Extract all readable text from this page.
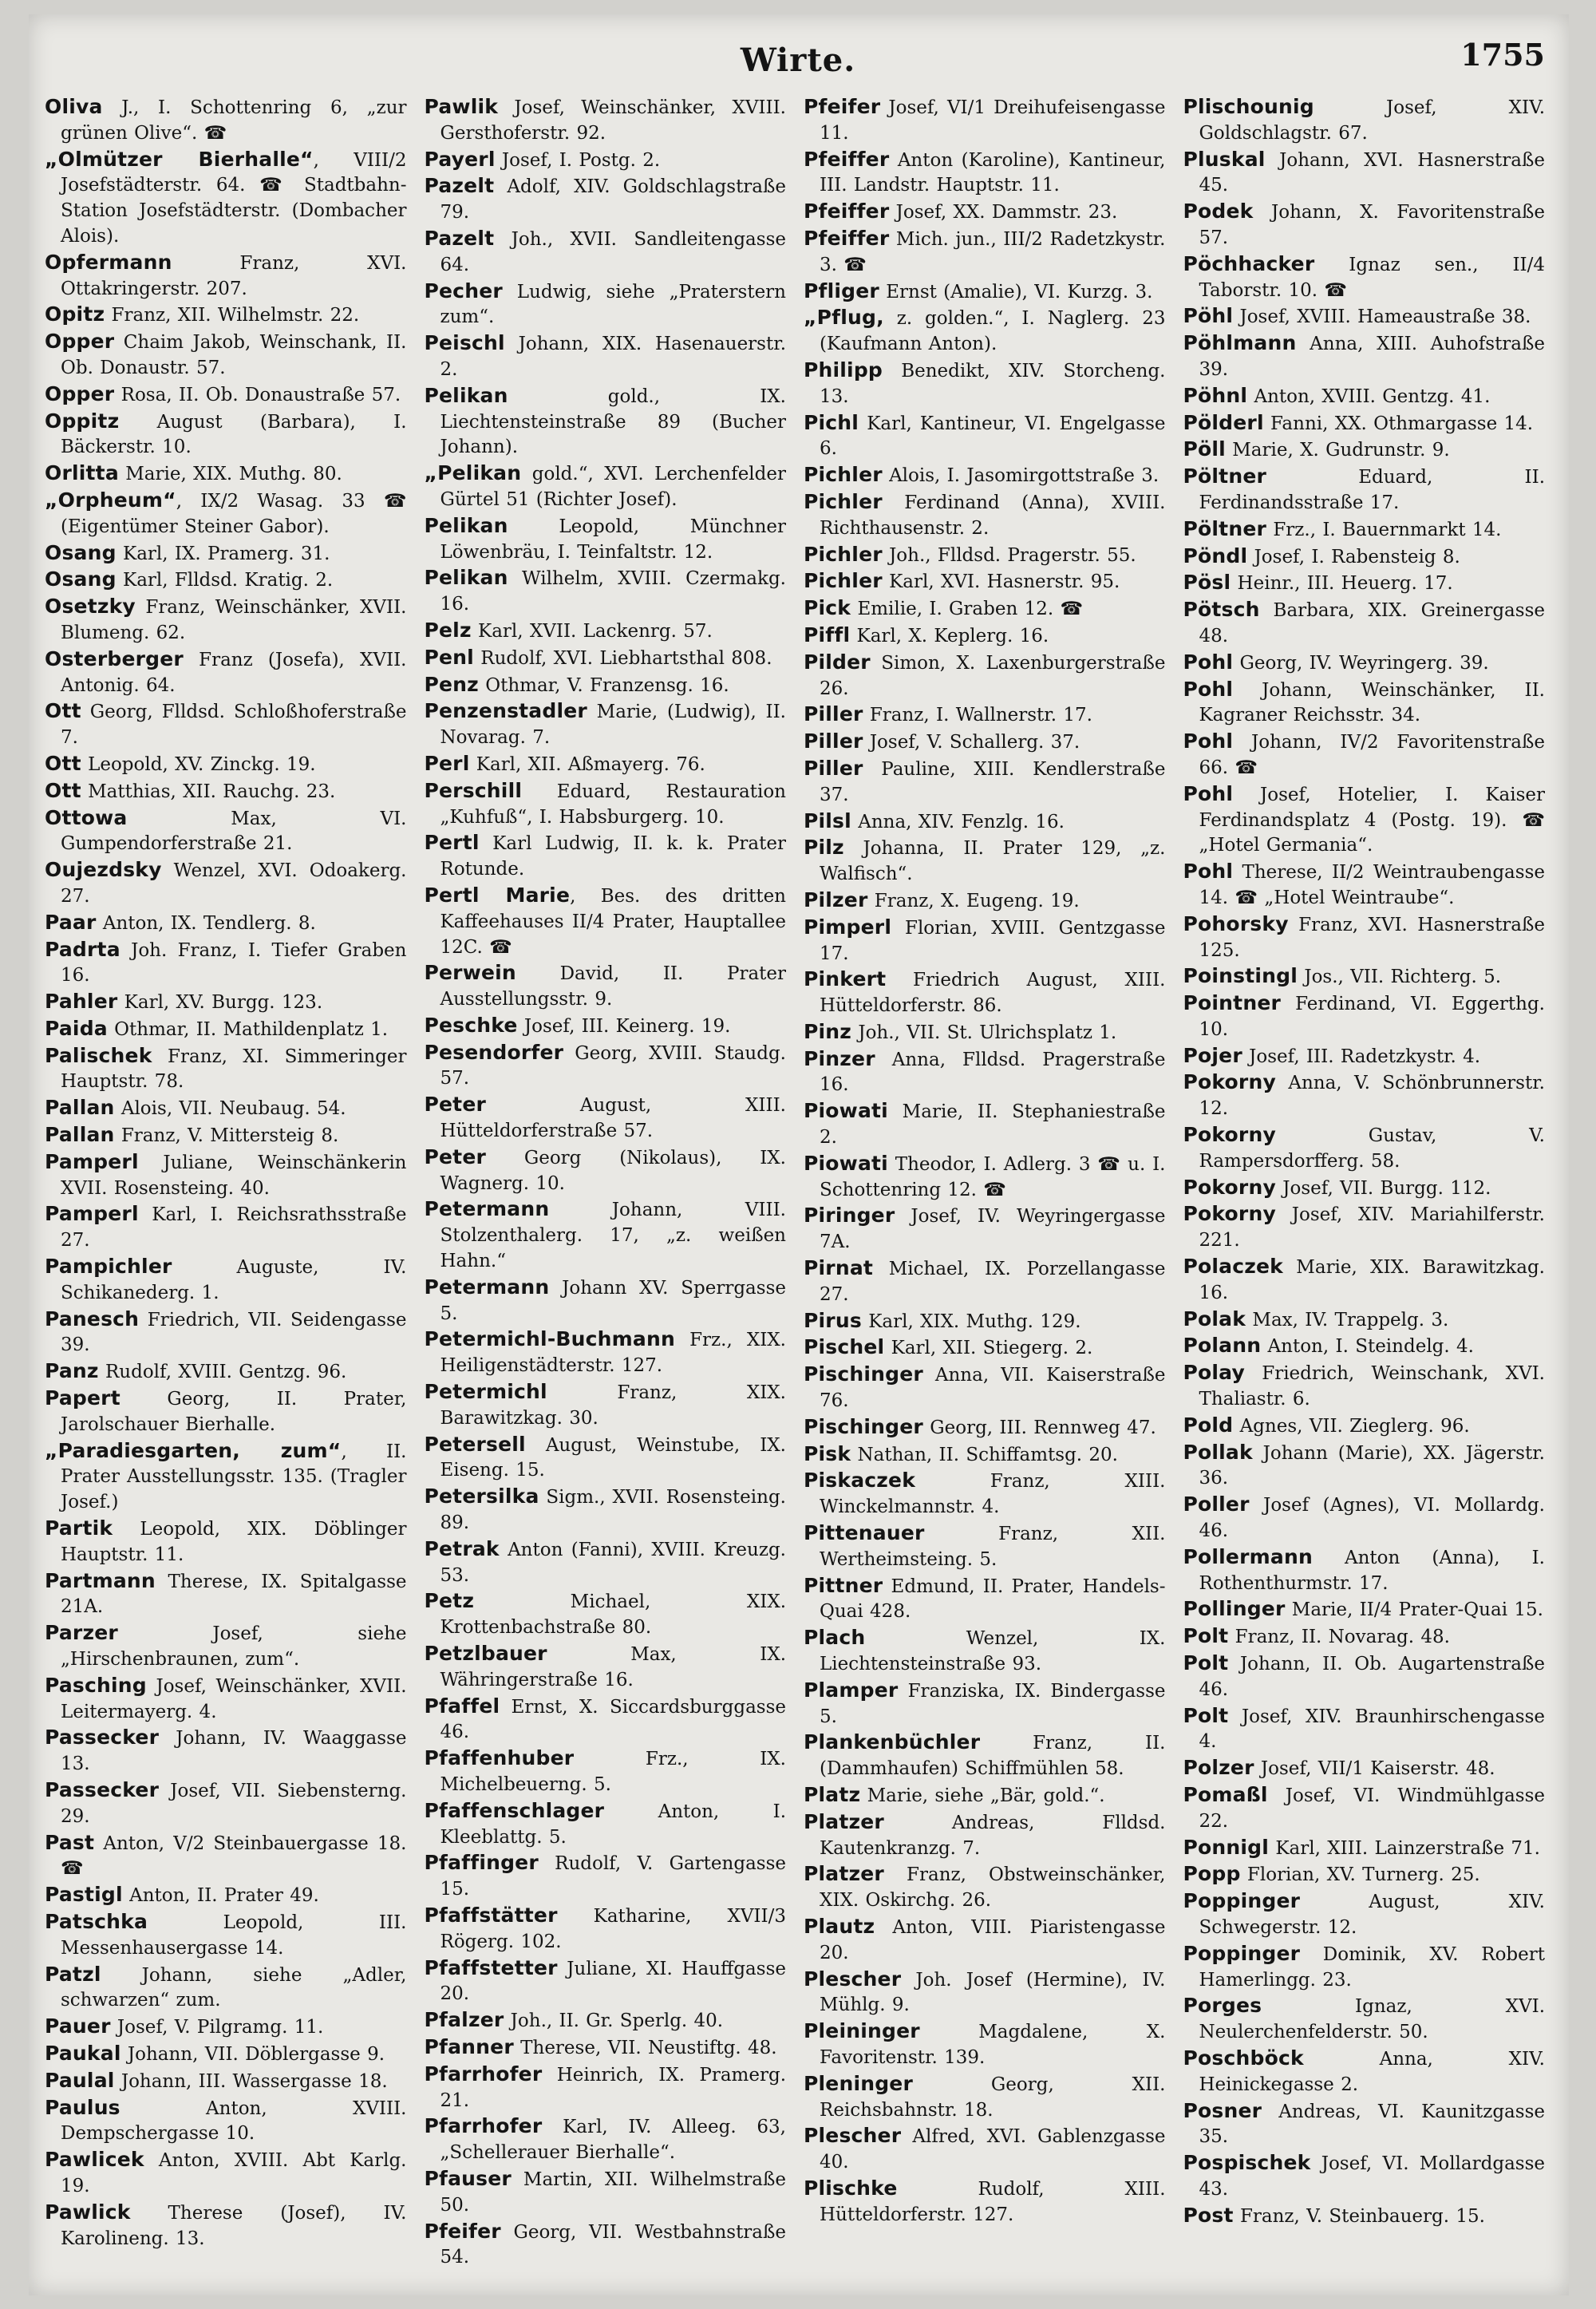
Wirte.	1755
Oliva J., I. Schottenring 6, „zur grünen Olive“. ☎
„Olmützer Bierhalle“, VIII/2 Josefstädterstr. 64. ☎ Stadtbahn-Station Josefstädterstr. (Dombacher Alois).
Opfermann Franz, XVI. Ottakringerstr. 207.
Opitz Franz, XII. Wilhelmstr. 22.
Opper Chaim Jakob, Weinschank, II. Ob. Donaustr. 57.
Opper Rosa, II. Ob. Donaustraße 57.
Oppitz August (Barbara), I. Bäckerstr. 10.
Orlitta Marie, XIX. Muthg. 80.
„Orpheum“, IX/2 Wasag. 33 ☎ (Eigentümer Steiner Gabor).
Osang Karl, IX. Pramerg. 31.
Osang Karl, Flldsd. Kratig. 2.
Osetzky Franz, Weinschänker, XVII. Blumeng. 62.
Osterberger Franz (Josefa), XVII. Antonig. 64.
Ott Georg, Flldsd. Schloßhoferstraße 7.
Ott Leopold, XV. Zinckg. 19.
Ott Matthias, XII. Rauchg. 23.
Ottowa Max, VI. Gumpendorferstraße 21.
Oujezdsky Wenzel, XVI. Odoakerg. 27.
Paar Anton, IX. Tendlerg. 8.
Padrta Joh. Franz, I. Tiefer Graben 16.
Pahler Karl, XV. Burgg. 123.
Paida Othmar, II. Mathildenplatz 1.
Palischek Franz, XI. Simmeringer Hauptstr. 78.
Pallan Alois, VII. Neubaug. 54.
Pallan Franz, V. Mittersteig 8.
Pamperl Juliane, Weinschänkerin XVII. Rosensteing. 40.
Pamperl Karl, I. Reichsrathsstraße 27.
Pampichler Auguste, IV. Schikanederg. 1.
Panesch Friedrich, VII. Seidengasse 39.
Panz Rudolf, XVIII. Gentzg. 96.
Papert Georg, II. Prater, Jarolschauer Bierhalle.
„Paradiesgarten, zum“, II. Prater Ausstellungsstr. 135. (Tragler Josef.)
Partik Leopold, XIX. Döblinger Hauptstr. 11.
Partmann Therese, IX. Spitalgasse 21A.
Parzer Josef, siehe „Hirschenbraunen, zum“.
Pasching Josef, Weinschänker, XVII. Leitermayerg. 4.
Passecker Johann, IV. Waaggasse 13.
Passecker Josef, VII. Siebensterng. 29.
Past Anton, V/2 Steinbauergasse 18. ☎
Pastigl Anton, II. Prater 49.
Patschka Leopold, III. Messenhausergasse 14.
Patzl Johann, siehe „Adler, schwarzen“ zum.
Pauer Josef, V. Pilgramg. 11.
Paukal Johann, VII. Döblergasse 9.
Paulal Johann, III. Wassergasse 18.
Paulus Anton, XVIII. Dempschergasse 10.
Pawlicek Anton, XVIII. Abt Karlg. 19.
Pawlick Therese (Josef), IV. Karolineng. 13.
Pawlik Josef, Weinschänker, XVIII. Gersthoferstr. 92.
Payerl Josef, I. Postg. 2.
Pazelt Adolf, XIV. Goldschlagstraße 79.
Pazelt Joh., XVII. Sandleitengasse 64.
Pecher Ludwig, siehe „Praterstern zum“.
Peischl Johann, XIX. Hasenauerstr. 2.
Pelikan gold., IX. Liechtensteinstraße 89 (Bucher Johann).
„Pelikan gold.“, XVI. Lerchenfelder Gürtel 51 (Richter Josef).
Pelikan Leopold, Münchner Löwenbräu, I. Teinfaltstr. 12.
Pelikan Wilhelm, XVIII. Czermakg. 16.
Pelz Karl, XVII. Lackenrg. 57.
Penl Rudolf, XVI. Liebhartsthal 808.
Penz Othmar, V. Franzensg. 16.
Penzenstadler Marie, (Ludwig), II. Novarag. 7.
Perl Karl, XII. Aßmayerg. 76.
Perschill Eduard, Restauration „Kuhfuß“, I. Habsburgerg. 10.
Pertl Karl Ludwig, II. k. k. Prater Rotunde.
Pertl Marie, Bes. des dritten Kaffeehauses II/4 Prater, Hauptallee 12C. ☎
Perwein David, II. Prater Ausstellungsstr. 9.
Peschke Josef, III. Keinerg. 19.
Pesendorfer Georg, XVIII. Staudg. 57.
Peter August, XIII. Hütteldorferstraße 57.
Peter Georg (Nikolaus), IX. Wagnerg. 10.
Petermann Johann, VIII. Stolzenthalerg. 17, „z. weißen Hahn.“
Petermann Johann XV. Sperrgasse 5.
Petermichl-Buchmann Frz., XIX. Heiligenstädterstr. 127.
Petermichl Franz, XIX. Barawitzkag. 30.
Petersell August, Weinstube, IX. Eiseng. 15.
Petersilka Sigm., XVII. Rosensteing. 89.
Petrak Anton (Fanni), XVIII. Kreuzg. 53.
Petz Michael, XIX. Krottenbachstraße 80.
Petzlbauer Max, IX. Währingerstraße 16.
Pfaffel Ernst, X. Siccardsburggasse 46.
Pfaffenhuber Frz., IX. Michelbeuerng. 5.
Pfaffenschlager Anton, I. Kleeblattg. 5.
Pfaffinger Rudolf, V. Gartengasse 15.
Pfaffstätter Katharine, XVII/3 Rögerg. 102.
Pfaffstetter Juliane, XI. Hauffgasse 20.
Pfalzer Joh., II. Gr. Sperlg. 40.
Pfanner Therese, VII. Neustiftg. 48.
Pfarrhofer Heinrich, IX. Pramerg. 21.
Pfarrhofer Karl, IV. Alleeg. 63, „Schellerauer Bierhalle“.
Pfauser Martin, XII. Wilhelmstraße 50.
Pfeifer Georg, VII. Westbahnstraße 54.
Pfeifer Josef, VI/1 Dreihufeisengasse 11.
Pfeiffer Anton (Karoline), Kantineur, III. Landstr. Hauptstr. 11.
Pfeiffer Josef, XX. Dammstr. 23.
Pfeiffer Mich. jun., III/2 Radetzkystr. 3. ☎
Pfliger Ernst (Amalie), VI. Kurzg. 3.
„Pflug, z. golden.“, I. Naglerg. 23 (Kaufmann Anton).
Philipp Benedikt, XIV. Storcheng. 13.
Pichl Karl, Kantineur, VI. Engelgasse 6.
Pichler Alois, I. Jasomirgottstraße 3.
Pichler Ferdinand (Anna), XVIII. Richthausenstr. 2.
Pichler Joh., Flldsd. Pragerstr. 55.
Pichler Karl, XVI. Hasnerstr. 95.
Pick Emilie, I. Graben 12. ☎
Piffl Karl, X. Keplerg. 16.
Pilder Simon, X. Laxenburgerstraße 26.
Piller Franz, I. Wallnerstr. 17.
Piller Josef, V. Schallerg. 37.
Piller Pauline, XIII. Kendlerstraße 37.
Pilsl Anna, XIV. Fenzlg. 16.
Pilz Johanna, II. Prater 129, „z. Walfisch“.
Pilzer Franz, X. Eugeng. 19.
Pimperl Florian, XVIII. Gentzgasse 17.
Pinkert Friedrich August, XIII. Hütteldorferstr. 86.
Pinz Joh., VII. St. Ulrichsplatz 1.
Pinzer Anna, Flldsd. Pragerstraße 16.
Piowati Marie, II. Stephaniestraße 2.
Piowati Theodor, I. Adlerg. 3 ☎ u. I. Schottenring 12. ☎
Piringer Josef, IV. Weyringergasse 7A.
Pirnat Michael, IX. Porzellangasse 27.
Pirus Karl, XIX. Muthg. 129.
Pischel Karl, XII. Stiegerg. 2.
Pischinger Anna, VII. Kaiserstraße 76.
Pischinger Georg, III. Rennweg 47.
Pisk Nathan, II. Schiffamtsg. 20.
Piskaczek Franz, XIII. Winckelmannstr. 4.
Pittenauer Franz, XII. Wertheimsteing. 5.
Pittner Edmund, II. Prater, Handels-Quai 428.
Plach Wenzel, IX. Liechtensteinstraße 93.
Plamper Franziska, IX. Bindergasse 5.
Plankenbüchler Franz, II. (Dammhaufen) Schiffmühlen 58.
Platz Marie, siehe „Bär, gold.“.
Platzer Andreas, Flldsd. Kautenkranzg. 7.
Platzer Franz, Obstweinschänker, XIX. Oskirchg. 26.
Plautz Anton, VIII. Piaristengasse 20.
Plescher Joh. Josef (Hermine), IV. Mühlg. 9.
Pleininger Magdalene, X. Favoritenstr. 139.
Pleninger Georg, XII. Reichsbahnstr. 18.
Plescher Alfred, XVI. Gablenzgasse 40.
Plischke Rudolf, XIII. Hütteldorferstr. 127.
Plischounig Josef, XIV. Goldschlagstr. 67.
Pluskal Johann, XVI. Hasnerstraße 45.
Podek Johann, X. Favoritenstraße 57.
Pöchhacker Ignaz sen., II/4 Taborstr. 10. ☎
Pöhl Josef, XVIII. Hameaustraße 38.
Pöhlmann Anna, XIII. Auhofstraße 39.
Pöhnl Anton, XVIII. Gentzg. 41.
Pölderl Fanni, XX. Othmargasse 14.
Pöll Marie, X. Gudrunstr. 9.
Pöltner Eduard, II. Ferdinandsstraße 17.
Pöltner Frz., I. Bauernmarkt 14.
Pöndl Josef, I. Rabensteig 8.
Pösl Heinr., III. Heuerg. 17.
Pötsch Barbara, XIX. Greinergasse 48.
Pohl Georg, IV. Weyringerg. 39.
Pohl Johann, Weinschänker, II. Kagraner Reichsstr. 34.
Pohl Johann, IV/2 Favoritenstraße 66. ☎
Pohl Josef, Hotelier, I. Kaiser Ferdinandsplatz 4 (Postg. 19). ☎ „Hotel Germania“.
Pohl Therese, II/2 Weintraubengasse 14. ☎ „Hotel Weintraube“.
Pohorsky Franz, XVI. Hasnerstraße 125.
Poinstingl Jos., VII. Richterg. 5.
Pointner Ferdinand, VI. Eggerthg. 10.
Pojer Josef, III. Radetzkystr. 4.
Pokorny Anna, V. Schönbrunnerstr. 12.
Pokorny Gustav, V. Rampersdorfferg. 58.
Pokorny Josef, VII. Burgg. 112.
Pokorny Josef, XIV. Mariahilferstr. 221.
Polaczek Marie, XIX. Barawitzkag. 16.
Polak Max, IV. Trappelg. 3.
Polann Anton, I. Steindelg. 4.
Polay Friedrich, Weinschank, XVI. Thaliastr. 6.
Pold Agnes, VII. Zieglerg. 96.
Pollak Johann (Marie), XX. Jägerstr. 36.
Poller Josef (Agnes), VI. Mollardg. 46.
Pollermann Anton (Anna), I. Rothenthurmstr. 17.
Pollinger Marie, II/4 Prater-Quai 15.
Polt Franz, II. Novarag. 48.
Polt Johann, II. Ob. Augartenstraße 46.
Polt Josef, XIV. Braunhirschengasse 4.
Polzer Josef, VII/1 Kaiserstr. 48.
Pomaßl Josef, VI. Windmühlgasse 22.
Ponnigl Karl, XIII. Lainzerstraße 71.
Popp Florian, XV. Turnerg. 25.
Poppinger August, XIV. Schwegerstr. 12.
Poppinger Dominik, XV. Robert Hamerlingg. 23.
Porges Ignaz, XVI. Neulerchenfelderstr. 50.
Poschböck Anna, XIV. Heinickegasse 2.
Posner Andreas, VI. Kaunitzgasse 35.
Pospischek Josef, VI. Mollardgasse 43.
Post Franz, V. Steinbauerg. 15.
